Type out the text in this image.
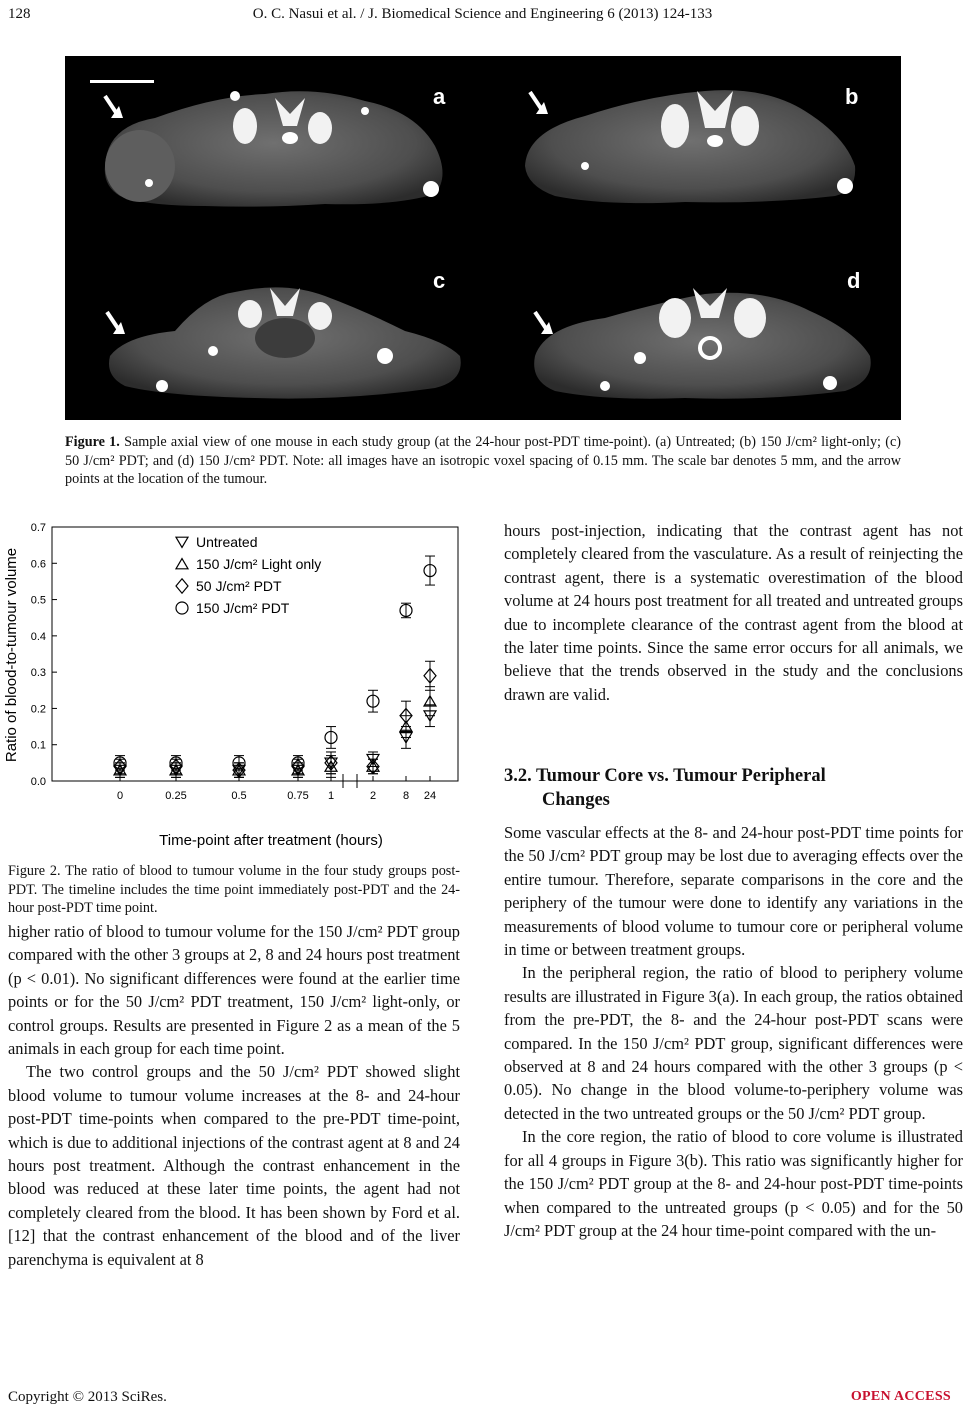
128	O. C. Nasui et al. / J. Biomedical Science and Engineering 6 (2013) 124-133
a	b
c	d
Figure 1. Sample axial view of one mouse in each study group (at the 24-hour post-PDT time-point). (a) Untreated; (b) 150 J/cm² light-only; (c) 50 J/cm² PDT; and (d) 150 J/cm² PDT. Note: all images have an isotropic voxel spacing of 0.15 mm. The scale bar denotes 5 mm, and the arrow points at the location of the tumour.
0.0
0.1
0.2
0.3
0.4
0.5
0.6
0.7
0	0.25	0.5	0.75 1	2 8 24
Untreated
150 J/cm² Light only
50 J/cm² PDT
150 J/cm² PDT
Ratio of blood-to-tumour volume
Time-point after treatment (hours)
Figure 2. The ratio of blood to tumour volume in the four study groups post-PDT. The timeline includes the time point immediately post-PDT and the 24-hour post-PDT time point.

higher ratio of blood to tumour volume for the 150 J/cm² PDT group compared with the other 3 groups at 2, 8 and 24 hours post treatment (p < 0.01). No significant differences were found at the earlier time points or for the 50 J/cm² PDT treatment, 150 J/cm² light-only, or control groups. Results are presented in Figure 2 as a mean of the 5 animals in each group for each time point.

The two control groups and the 50 J/cm² PDT showed slight blood volume to tumour volume increases at the 8- and 24-hour post-PDT time-points when compared to the pre-PDT time-point, which is due to additional injections of the contrast agent at 8 and 24 hours post treatment. Although the contrast enhancement in the blood was reduced at these later time points, the agent had not completely cleared from the blood. It has been shown by Ford et al. [12] that the contrast enhancement of the blood and of the liver parenchyma is equivalent at 8

hours post-injection, indicating that the contrast agent has not completely cleared from the vasculature. As a result of reinjecting the contrast agent, there is a systematic overestimation of the blood volume at 24 hours post treatment for all treated and untreated groups due to incomplete clearance of the contrast agent from the blood at the later time points. Since the same error occurs for all animals, we believe that the trends observed in the study and the conclusions drawn are valid.

3.2. Tumour Core vs. Tumour Peripheral
Changes

Some vascular effects at the 8- and 24-hour post-PDT time points for the 50 J/cm² PDT group may be lost due to averaging effects over the entire tumour. Therefore, separate comparisons in the core and the periphery of the tumour were done to identify any variations in the measurements of blood volume to tumour core or peripheral volume in time or between treatment groups.

In the peripheral region, the ratio of blood to periphery volume results are illustrated in Figure 3(a). In each group, the ratios obtained from the pre-PDT, the 8- and the 24-hour post-PDT scans were compared. In the 150 J/cm² PDT group, significant differences were observed at 8 and 24 hours compared with the other 3 groups (p < 0.05). No change in the blood volume-to-periphery volume was detected in the two untreated groups or the 50 J/cm² PDT group.

In the core region, the ratio of blood to core volume is illustrated for all 4 groups in Figure 3(b). This ratio was significantly higher for the 150 J/cm² PDT group at the 8- and 24-hour post-PDT time-points when compared to the untreated groups (p < 0.05) and for the 50 J/cm² PDT group at the 24 hour time-point compared with the un-

Copyright © 2013 SciRes.	OPEN ACCESS
